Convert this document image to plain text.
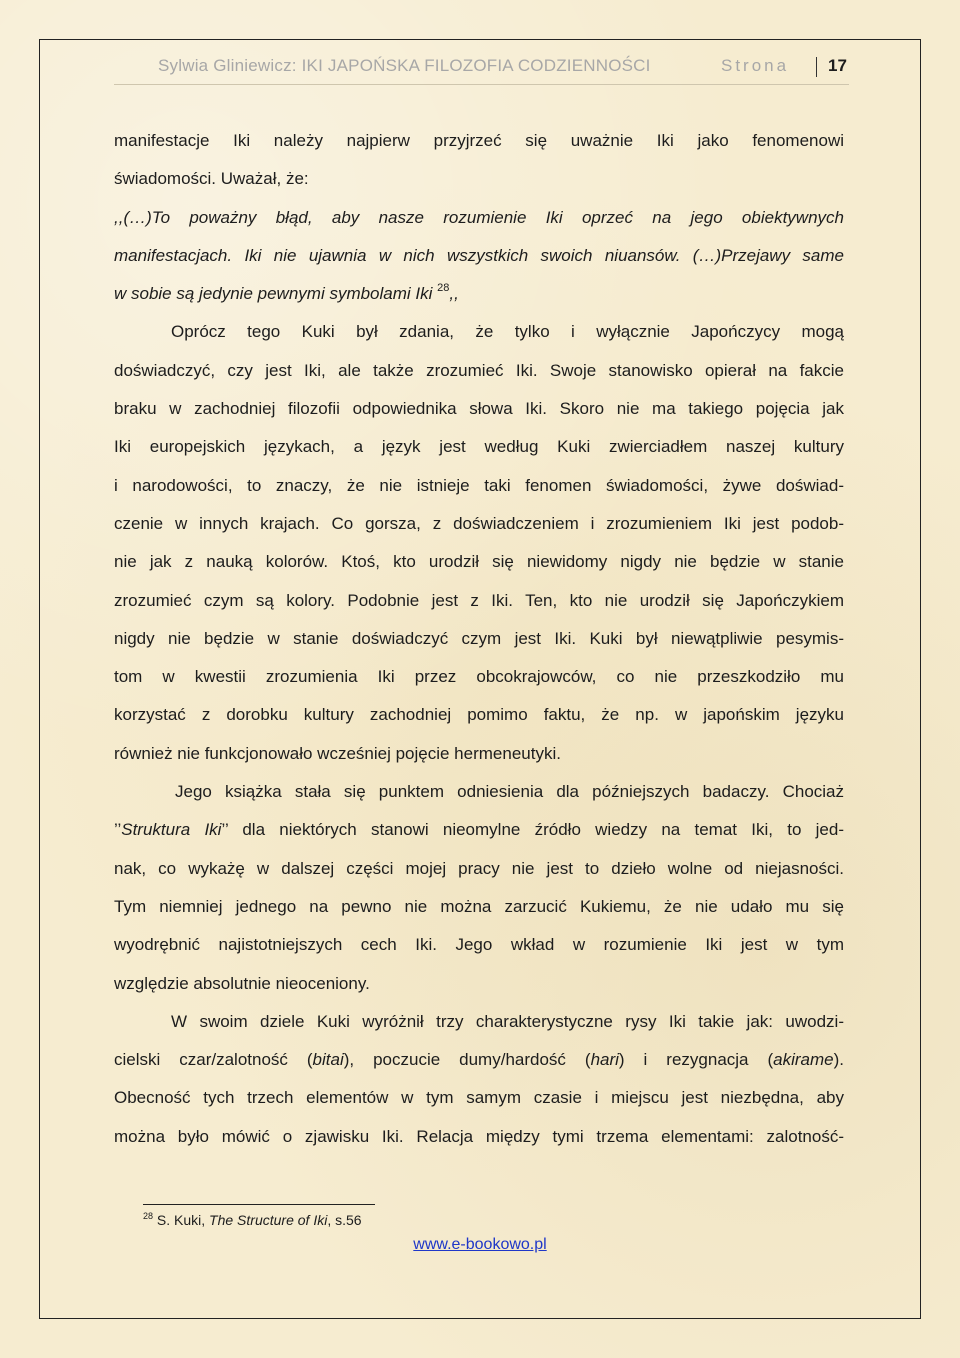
Sylwia Gliniewicz: IKI JAPOŃSKA FILOZOFIA CODZIENNOŚCI	Strona 17
manifestacje Iki należy najpierw przyjrzeć się uważnie Iki jako fenomenowi
świadomości. Uważał, że:
,,(…)To poważny błąd, aby nasze rozumienie Iki oprzeć na jego obiektywnych
manifestacjach. Iki nie ujawnia w nich wszystkich swoich niuansów. (…)Przejawy same
w sobie są jedynie pewnymi symbolami Iki $^{28}$,,
Oprócz tego Kuki był zdania, że tylko i wyłącznie Japończycy mogą
doświadczyć, czy jest Iki, ale także zrozumieć Iki. Swoje stanowisko opierał na fakcie
braku w zachodniej filozofii odpowiednika słowa Iki. Skoro nie ma takiego pojęcia jak
Iki europejskich językach, a język jest według Kuki zwierciadłem naszej kultury
i narodowości, to znaczy, że nie istnieje taki fenomen świadomości, żywe doświad-
czenie w innych krajach. Co gorsza, z doświadczeniem i zrozumieniem Iki jest podob-
nie jak z nauką kolorów. Ktoś, kto urodził się niewidomy nigdy nie będzie w stanie
zrozumieć czym są kolory. Podobnie jest z Iki. Ten, kto nie urodził się Japończykiem
nigdy nie będzie w stanie doświadczyć czym jest Iki. Kuki był niewątpliwie pesymis-
tom w kwestii zrozumienia Iki przez obcokrajowców, co nie przeszkodziło mu
korzystać z dorobku kultury zachodniej pomimo faktu, że np. w japońskim języku
również nie funkcjonowało wcześniej pojęcie hermeneutyki.
Jego książka stała się punktem odniesienia dla późniejszych badaczy. Chociaż
’’Struktura Iki’’ dla niektórych stanowi nieomylne źródło wiedzy na temat Iki, to jed-
nak, co wykażę w dalszej części mojej pracy nie jest to dzieło wolne od niejasności.
Tym niemniej jednego na pewno nie można zarzucić Kukiemu, że nie udało mu się
wyodrębnić najistotniejszych cech Iki. Jego wkład w rozumienie Iki jest w tym
względzie absolutnie nieoceniony.
W swoim dziele Kuki wyróżnił trzy charakterystyczne rysy Iki takie jak: uwodzi-
cielski czar/zalotność (bitai), poczucie dumy/hardość (hari) i rezygnacja (akirame).
Obecność tych trzech elementów w tym samym czasie i miejscu jest niezbędna, aby
można było mówić o zjawisku Iki. Relacja między tymi trzema elementami: zalotność-
$^{28}$ S. Kuki, The Structure of Iki, s.56
www.e-bookowo.pl
